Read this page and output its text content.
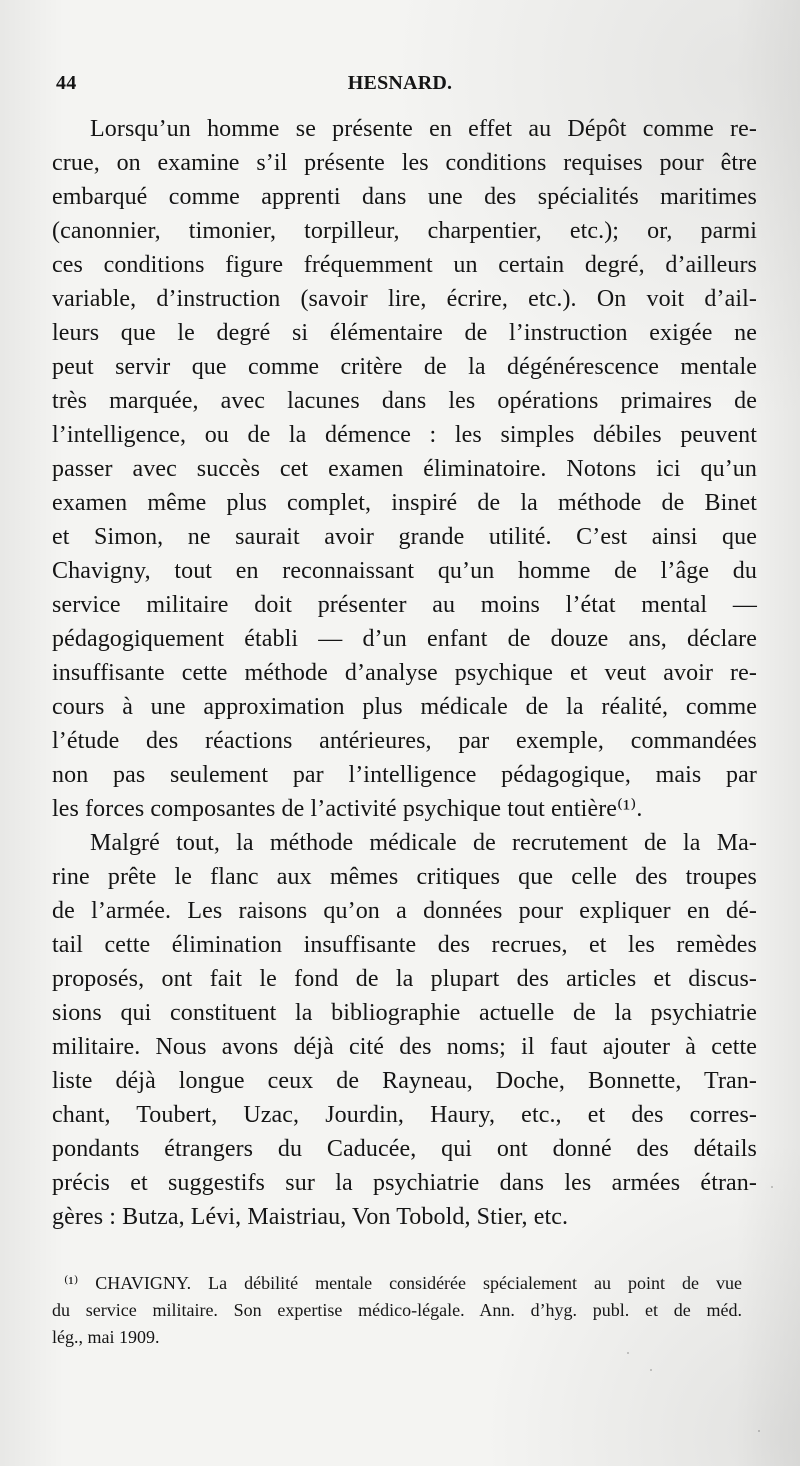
44	HESNARD.
Lorsqu’un homme se présente en effet au Dépôt comme re-
crue, on examine s’il présente les conditions requises pour être
embarqué comme apprenti dans une des spécialités maritimes
(canonnier, timonier, torpilleur, charpentier, etc.); or, parmi
ces conditions figure fréquemment un certain degré, d’ailleurs
variable, d’instruction (savoir lire, écrire, etc.). On voit d’ail-
leurs que le degré si élémentaire de l’instruction exigée ne
peut servir que comme critère de la dégénérescence mentale
très marquée, avec lacunes dans les opérations primaires de
l’intelligence, ou de la démence : les simples débiles peuvent
passer avec succès cet examen éliminatoire. Notons ici qu’un
examen même plus complet, inspiré de la méthode de Binet
et Simon, ne saurait avoir grande utilité. C’est ainsi que
Chavigny, tout en reconnaissant qu’un homme de l’âge du
service militaire doit présenter au moins l’état mental —
pédagogiquement établi — d’un enfant de douze ans, déclare
insuffisante cette méthode d’analyse psychique et veut avoir re-
cours à une approximation plus médicale de la réalité, comme
l’étude des réactions antérieures, par exemple, commandées
non pas seulement par l’intelligence pédagogique, mais par
les forces composantes de l’activité psychique tout entière⁽¹⁾.
Malgré tout, la méthode médicale de recrutement de la Ma-
rine prête le flanc aux mêmes critiques que celle des troupes
de l’armée. Les raisons qu’on a données pour expliquer en dé-
tail cette élimination insuffisante des recrues, et les remèdes
proposés, ont fait le fond de la plupart des articles et discus-
sions qui constituent la bibliographie actuelle de la psychiatrie
militaire. Nous avons déjà cité des noms; il faut ajouter à cette
liste déjà longue ceux de Rayneau, Doche, Bonnette, Tran-
chant, Toubert, Uzac, Jourdin, Haury, etc., et des corres-
pondants étrangers du Caducée, qui ont donné des détails
précis et suggestifs sur la psychiatrie dans les armées étran-
gères : Butza, Lévi, Maistriau, Von Tobold, Stier, etc.
⁽¹⁾ CHAVIGNY. La débilité mentale considérée spécialement au point de vue
du service militaire. Son expertise médico-légale. Ann. d’hyg. publ. et de méd.
lég., mai 1909.
